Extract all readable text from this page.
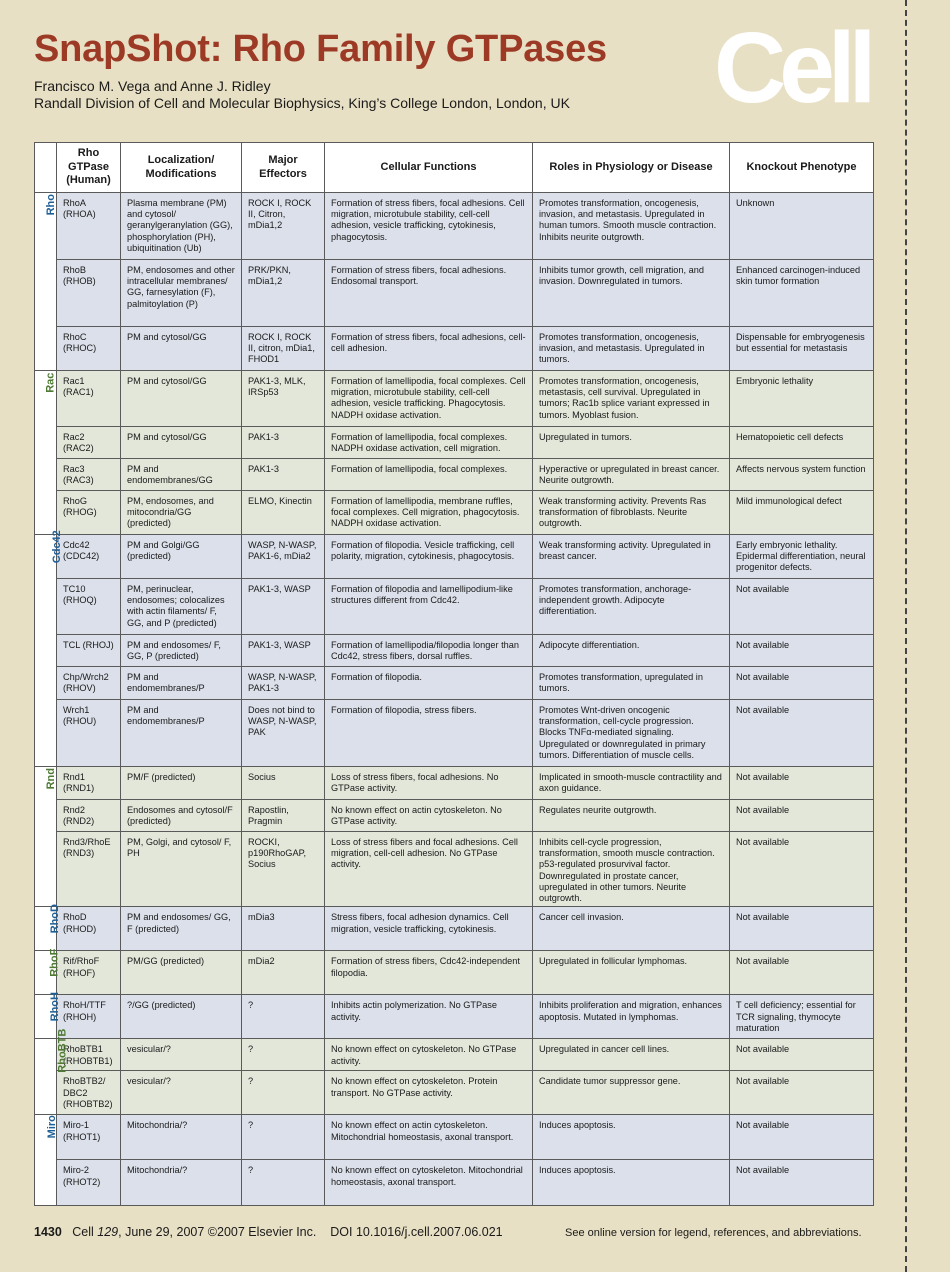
SnapShot: Rho Family GTPases
Francisco M. Vega and Anne J. Ridley
Randall Division of Cell and Molecular Biophysics, King’s College London, London, UK Cell
	Rho GTPase (Human)	Localization/ Modifications	Major Effectors	Cellular Functions	Roles in Physiology or Disease	Knockout Phenotype
Rho	RhoA (RHOA)	Plasma membrane (PM) and cytosol/ geranylgeranylation (GG), phosphorylation (PH), ubiquitination (Ub)	ROCK I, ROCK II, Citron, mDia1,2	Formation of stress fibers, focal adhesions. Cell migration, microtubule stability, cell-cell adhesion, vesicle trafficking, cytokinesis, phagocytosis.	Promotes transformation, oncogenesis, invasion, and metastasis. Upregulated in human tumors. Smooth muscle contraction. Inhibits neurite outgrowth.	Unknown
	RhoB (RHOB)	PM, endosomes and other intracellular membranes/ GG, farnesylation (F), palmitoylation (P)	PRK/PKN, mDia1,2	Formation of stress fibers, focal adhesions. Endosomal transport.	Inhibits tumor growth, cell migration, and invasion. Downregulated in tumors.	Enhanced carcinogen-induced skin tumor formation
	RhoC (RHOC)	PM and cytosol/GG	ROCK I, ROCK II, citron, mDia1, FHOD1	Formation of stress fibers, focal adhesions, cell-cell adhesion.	Promotes transformation, oncogenesis, invasion, and metastasis. Upregulated in tumors.	Dispensable for embryogenesis but essential for metastasis
Rac	Rac1 (RAC1)	PM and cytosol/GG	PAK1-3, MLK, IRSp53	Formation of lamellipodia, focal complexes. Cell migration, microtubule stability, cell-cell adhesion, vesicle trafficking. Phagocytosis. NADPH oxidase activation.	Promotes transformation, oncogenesis, metastasis, cell survival. Upregulated in tumors; Rac1b splice variant expressed in tumors. Myoblast fusion.	Embryonic lethality
	Rac2 (RAC2)	PM and cytosol/GG	PAK1-3	Formation of lamellipodia, focal complexes. NADPH oxidase activation, cell migration.	Upregulated in tumors.	Hematopoietic cell defects
	Rac3 (RAC3)	PM and endomembranes/GG	PAK1-3	Formation of lamellipodia, focal complexes.	Hyperactive or upregulated in breast cancer. Neurite outgrowth.	Affects nervous system function
	RhoG (RHOG)	PM, endosomes, and mitocondria/GG (predicted)	ELMO, Kinectin	Formation of lamellipodia, membrane ruffles, focal complexes. Cell migration, phagocytosis. NADPH oxidase activation.	Weak transforming activity. Prevents Ras transformation of fibroblasts. Neurite outgrowth.	Mild immunological defect
Cdc42	Cdc42 (CDC42)	PM and Golgi/GG (predicted)	WASP, N-WASP, PAK1-6, mDia2	Formation of filopodia. Vesicle trafficking, cell polarity, migration, cytokinesis, phagocytosis.	Weak transforming activity. Upregulated in breast cancer.	Early embryonic lethality. Epidermal differentiation, neural progenitor defects.
	TC10 (RHOQ)	PM, perinuclear, endosomes; colocalizes with actin filaments/ F, GG, and P (predicted)	PAK1-3, WASP	Formation of filopodia and lamellipodium-like structures different from Cdc42.	Promotes transformation, anchorage-independent growth. Adipocyte differentiation.	Not available
	TCL (RHOJ)	PM and endosomes/ F, GG, P (predicted)	PAK1-3, WASP	Formation of lamellipodia/filopodia longer than Cdc42, stress fibers, dorsal ruffles.	Adipocyte differentiation.	Not available
	Chp/Wrch2 (RHOV)	PM and endomembranes/P	WASP, N-WASP, PAK1-3	Formation of filopodia.	Promotes transformation, upregulated in tumors.	Not available
	Wrch1 (RHOU)	PM and endomembranes/P	Does not bind to WASP, N-WASP, PAK	Formation of filopodia, stress fibers.	Promotes Wnt-driven oncogenic transformation, cell-cycle progression. Blocks TNFα-mediated signaling. Upregulated or downregulated in primary tumors. Differentiation of muscle cells.	Not available
Rnd	Rnd1 (RND1)	PM/F (predicted)	Socius	Loss of stress fibers, focal adhesions. No GTPase activity.	Implicated in smooth-muscle contractility and axon guidance.	Not available
	Rnd2 (RND2)	Endosomes and cytosol/F (predicted)	Rapostlin, Pragmin	No known effect on actin cytoskeleton. No GTPase activity.	Regulates neurite outgrowth.	Not available
	Rnd3/RhoE (RND3)	PM, Golgi, and cytosol/ F, PH	ROCKI, p190RhoGAP, Socius	Loss of stress fibers and focal adhesions. Cell migration, cell-cell adhesion. No GTPase activity.	Inhibits cell-cycle progression, transformation, smooth muscle contraction. p53-regulated prosurvival factor. Downregulated in prostate cancer, upregulated in other tumors. Neurite outgrowth.	Not available
RhoD	RhoD (RHOD)	PM and endosomes/ GG, F (predicted)	mDia3	Stress fibers, focal adhesion dynamics. Cell migration, vesicle trafficking, cytokinesis.	Cancer cell invasion.	Not available
RhoF	Rif/RhoF (RHOF)	PM/GG (predicted)	mDia2	Formation of stress fibers, Cdc42-independent filopodia.	Upregulated in follicular lymphomas.	Not available
RhoH	RhoH/TTF (RHOH)	?/GG (predicted)	?	Inhibits actin polymerization. No GTPase activity.	Inhibits proliferation and migration, enhances apoptosis. Mutated in lymphomas.	T cell deficiency; essential for TCR signaling, thymocyte maturation
RhoBTB	RhoBTB1 (RHOBTB1)	vesicular/?	?	No known effect on cytoskeleton. No GTPase activity.	Upregulated in cancer cell lines.	Not available
	RhoBTB2/ DBC2 (RHOBTB2)	vesicular/?	?	No known effect on cytoskeleton. Protein transport. No GTPase activity.	Candidate tumor suppressor gene.	Not available
Miro	Miro-1 (RHOT1)	Mitochondria/?	?	No known effect on actin cytoskeleton. Mitochondrial homeostasis, axonal transport.	Induces apoptosis.	Not available
	Miro-2 (RHOT2)	Mitochondria/?	?	No known effect on cytoskeleton. Mitochondrial homeostasis, axonal transport.	Induces apoptosis.	Not available
1430 Cell 129, June 29, 2007 ©2007 Elsevier Inc. DOI 10.1016/j.cell.2007.06.021	See online version for legend, references, and abbreviations.
